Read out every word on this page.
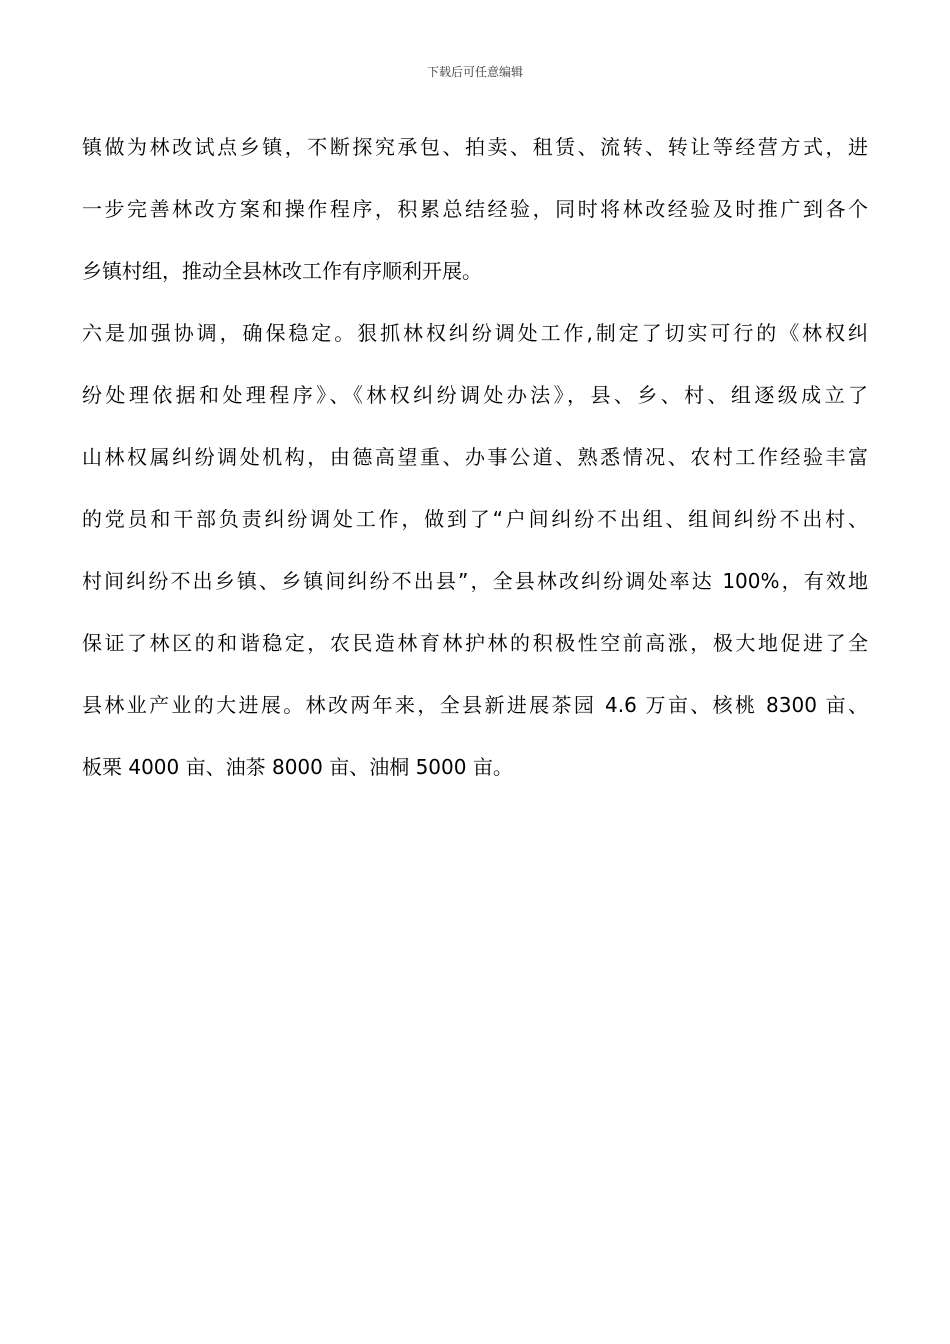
下载后可任意编辑
镇做为林改试点乡镇，不断探究承包、拍卖、租赁、流转、转让等经营方式，进
一步完善林改方案和操作程序，积累总结经验，同时将林改经验及时推广到各个
乡镇村组，推动全县林改工作有序顺利开展。
六是加强协调，确保稳定。狠抓林权纠纷调处工作,制定了切实可行的《林权纠
纷处理依据和处理程序》、《林权纠纷调处办法》，县、乡、村、组逐级成立了
山林权属纠纷调处机构，由德高望重、办事公道、熟悉情况、农村工作经验丰富
的党员和干部负责纠纷调处工作，做到了“户间纠纷不出组、组间纠纷不出村、
村间纠纷不出乡镇、乡镇间纠纷不出县”，全县林改纠纷调处率达 100%，有效地
保证了林区的和谐稳定，农民造林育林护林的积极性空前高涨，极大地促进了全
县林业产业的大进展。林改两年来，全县新进展茶园 4.6 万亩、核桃 8300 亩、
板栗 4000 亩、油茶 8000 亩、油桐 5000 亩。
